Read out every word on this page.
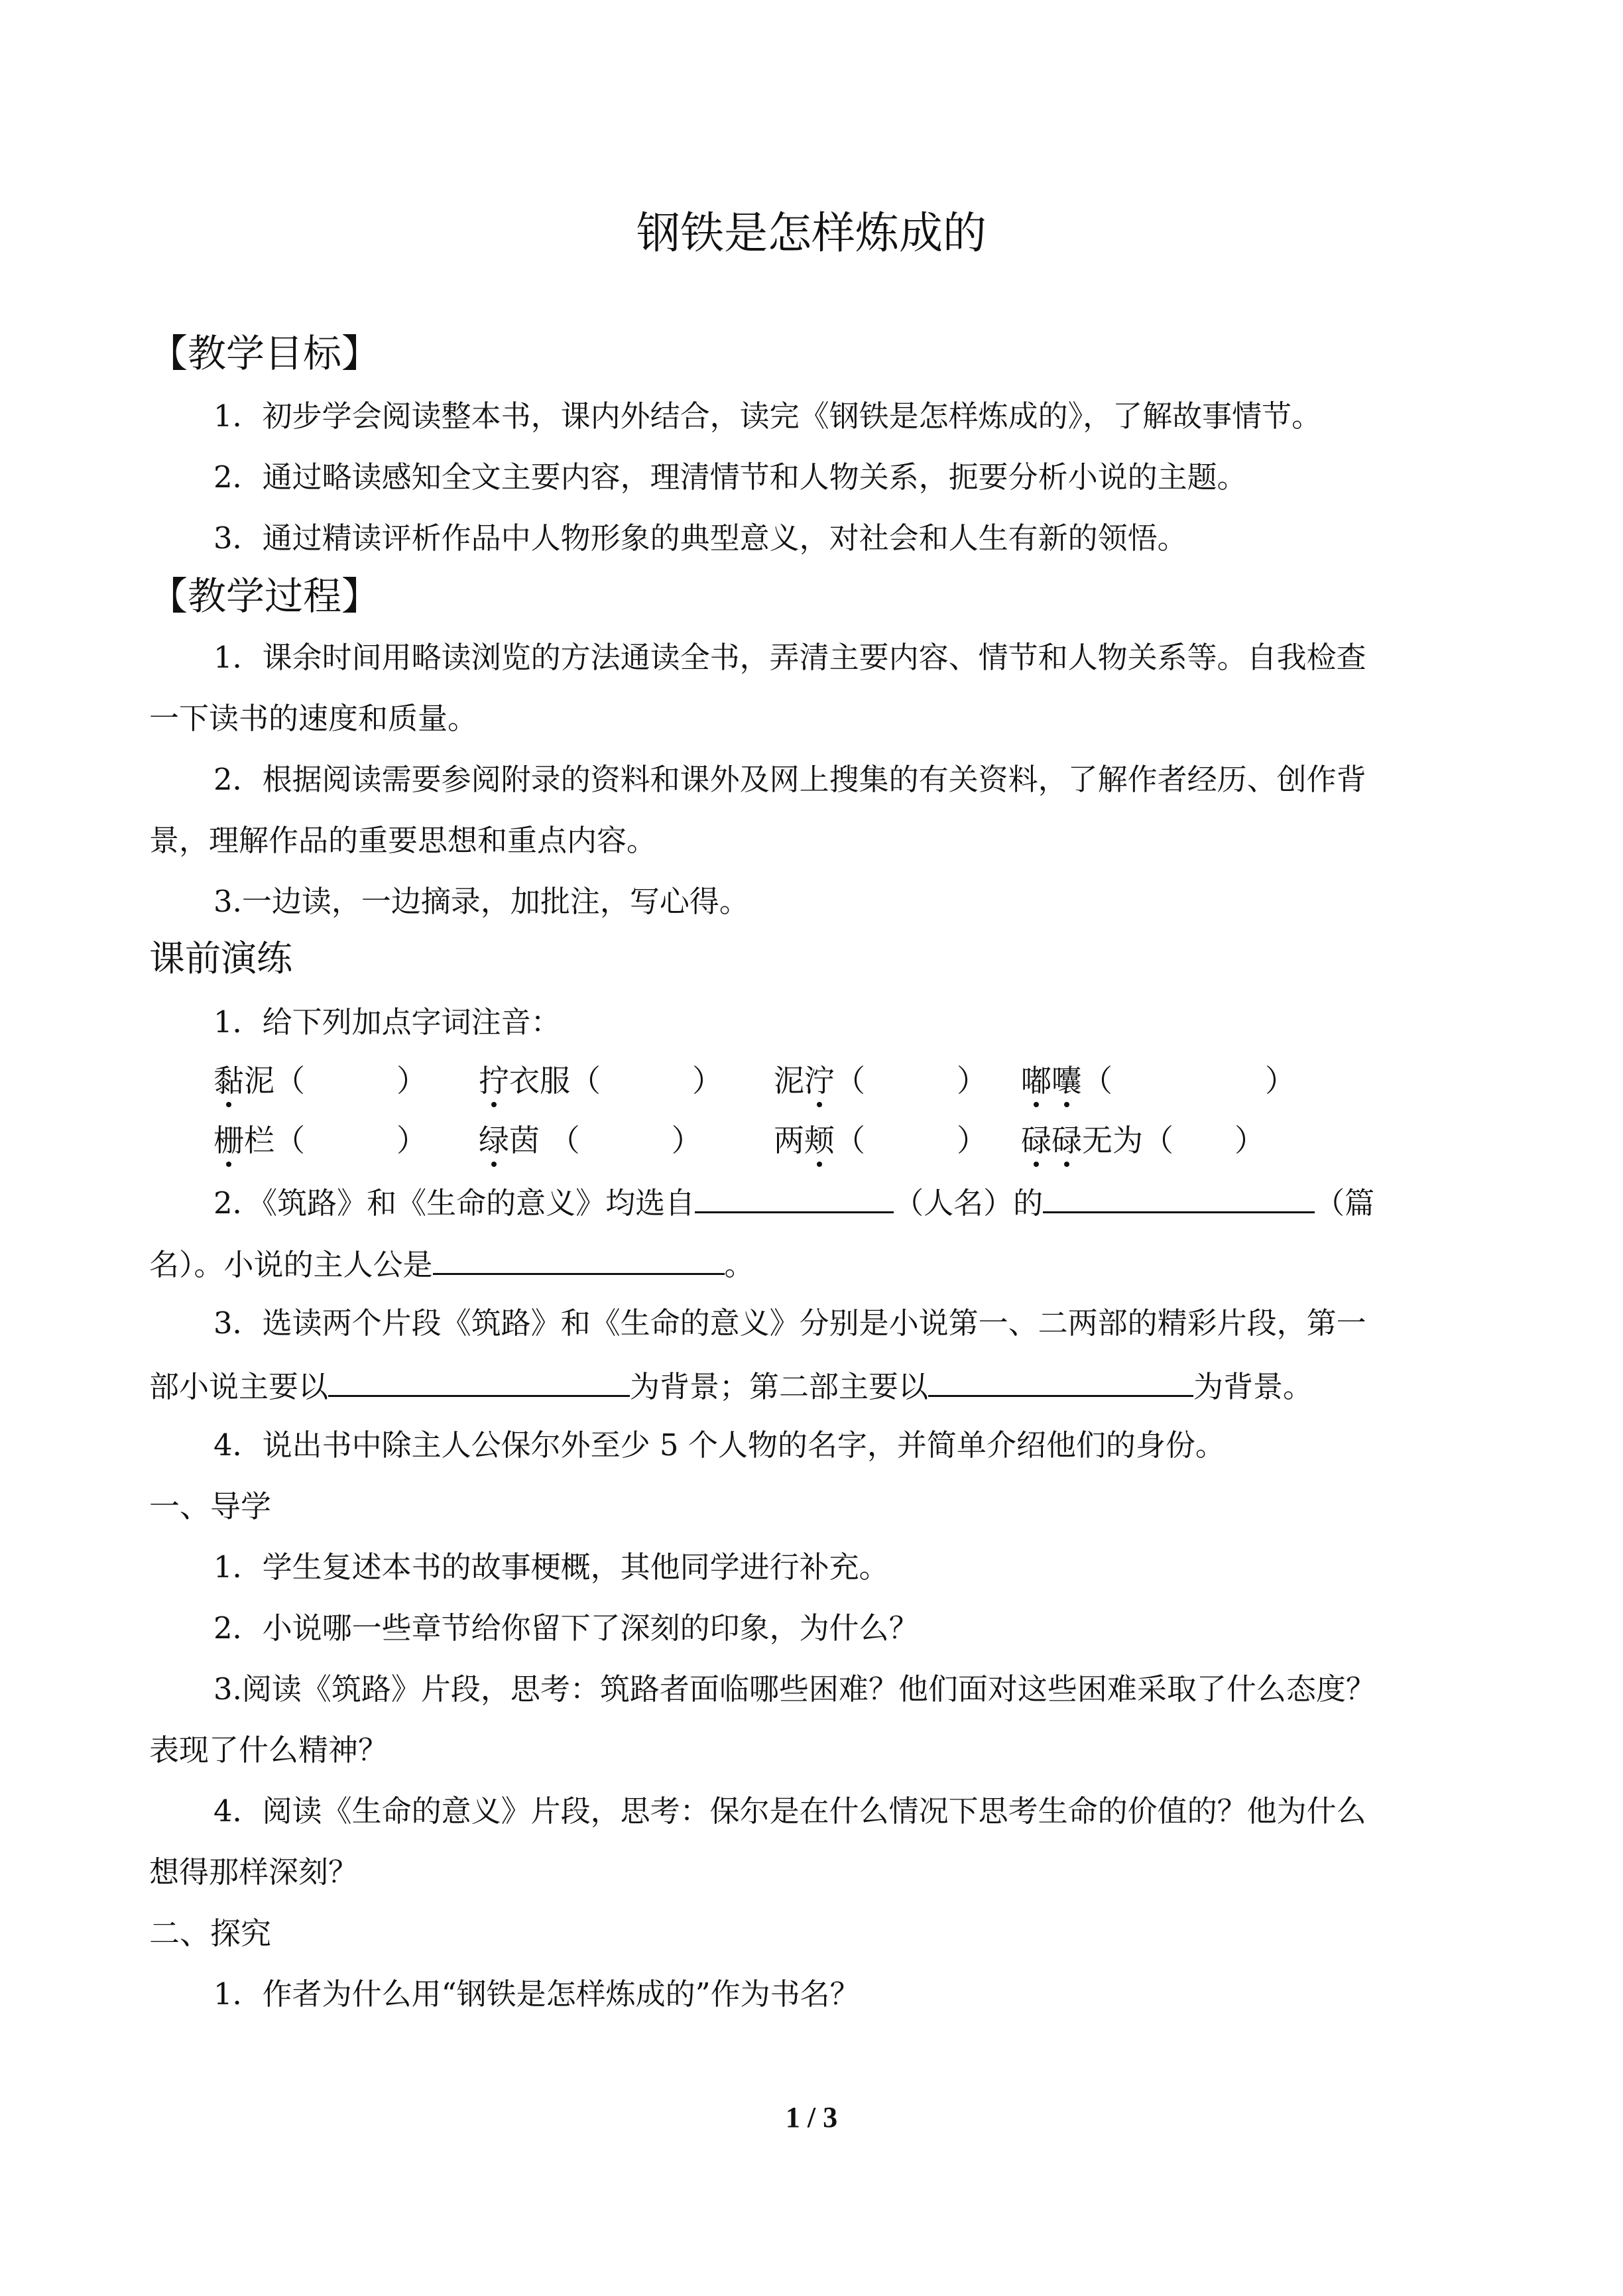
钢铁是怎样炼成的
【教学目标】
1．初步学会阅读整本书，课内外结合，读完《钢铁是怎样炼成的》，了解故事情节。
2．通过略读感知全文主要内容，理清情节和人物关系，扼要分析小说的主题。
3．通过精读评析作品中人物形象的典型意义，对社会和人生有新的领悟。
【教学过程】
1．课余时间用略读浏览的方法通读全书，弄清主要内容、情节和人物关系等。自我检查
一下读书的速度和质量。
2．根据阅读需要参阅附录的资料和课外及网上搜集的有关资料，了解作者经历、创作背
景，理解作品的重要思想和重点内容。
3.一边读，一边摘录，加批注，写心得。
课前演练
1．给下列加点字词注音：
黏泥（　　　） 拧衣服（　　　） 泥泞（　　　） 嘟囔（　　　　　）
栅栏（　　　） 绿茵 （　　　） 两颊（　　　） 碌碌无为（　　）
2．《筑路》和《生命的意义》均选自	（人名）的	（篇
名）。小说的主人公是	。
3．选读两个片段《筑路》和《生命的意义》分别是小说第一、二两部的精彩片段，第一
部小说主要以	为背景；第二部主要以	为背景。
4．说出书中除主人公保尔外至少 5 个人物的名字，并简单介绍他们的身份。
一、导学
1．学生复述本书的故事梗概，其他同学进行补充。
2．小说哪一些章节给你留下了深刻的印象，为什么？
3.阅读《筑路》片段，思考：筑路者面临哪些困难？他们面对这些困难采取了什么态度？
表现了什么精神？
4．阅读《生命的意义》片段，思考：保尔是在什么情况下思考生命的价值的？他为什么
想得那样深刻？
二、探究
1．作者为什么用“钢铁是怎样炼成的”作为书名？
1 / 3
